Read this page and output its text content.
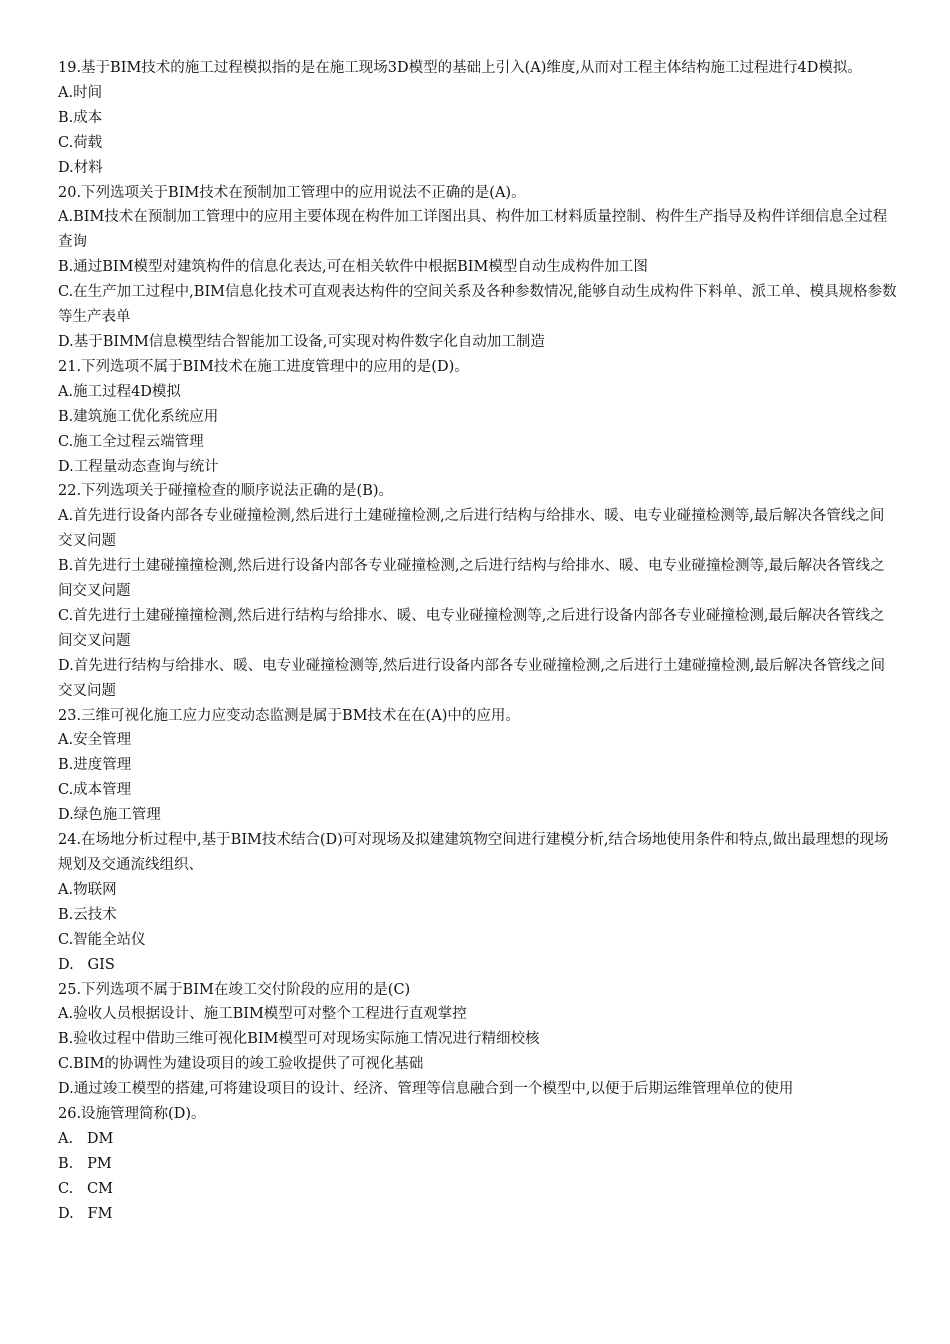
19.基于BIM技术的施工过程模拟指的是在施工现场3D模型的基础上引入(A)维度,从而对工程主体结构施工过程进行4D模拟。

A.时间

B.成本

C.荷载

D.材料

20.下列选项关于BIM技术在预制加工管理中的应用说法不正确的是(A)。

A.BIM技术在预制加工管理中的应用主要体现在构件加工详图出具、构件加工材料质量控制、构件生产指导及构件详细信息全过程查询

B.通过BIM模型对建筑构件的信息化表达,可在相关软件中根据BIM模型自动生成构件加工图

C.在生产加工过程中,BIM信息化技术可直观表达构件的空间关系及各种参数情况,能够自动生成构件下料单、派工单、模具规格参数等生产表单

D.基于BIMM信息模型结合智能加工设备,可实现对构件数字化自动加工制造

21.下列选项不属于BIM技术在施工进度管理中的应用的是(D)。

A.施工过程4D模拟

B.建筑施工优化系统应用

C.施工全过程云端管理

D.工程量动态查询与统计

22.下列选项关于碰撞检查的顺序说法正确的是(B)。

A.首先进行设备内部各专业碰撞检测,然后进行土建碰撞检测,之后进行结构与给排水、暖、电专业碰撞检测等,最后解决各管线之间交叉问题

B.首先进行土建碰撞撞检测,然后进行设备内部各专业碰撞检测,之后进行结构与给排水、暖、电专业碰撞检测等,最后解决各管线之间交叉问题

C.首先进行土建碰撞撞检测,然后进行结构与给排水、暖、电专业碰撞检测等,之后进行设备内部各专业碰撞检测,最后解决各管线之间交叉问题

D.首先进行结构与给排水、暖、电专业碰撞检测等,然后进行设备内部各专业碰撞检测,之后进行土建碰撞检测,最后解决各管线之间交叉问题

23.三维可视化施工应力应变动态监测是属于BM技术在在(A)中的应用。

A.安全管理

B.进度管理

C.成本管理

D.绿色施工管理

24.在场地分析过程中,基于BIM技术结合(D)可对现场及拟建建筑物空间进行建模分析,结合场地使用条件和特点,做出最理想的现场规划及交通流线组织、

A.物联网

B.云技术

C.智能全站仪

D.   GIS

25.下列选项不属于BIM在竣工交付阶段的应用的是(C)

A.验收人员根据设计、施工BIM模型可对整个工程进行直观掌控

B.验收过程中借助三维可视化BIM模型可对现场实际施工情况进行精细校核

C.BIM的协调性为建设项目的竣工验收提供了可视化基础

D.通过竣工模型的搭建,可将建设项目的设计、经济、管理等信息融合到一个模型中,以便于后期运维管理单位的使用

26.设施管理简称(D)。

A.   DM

B.   PM

C.   CM

D.   FM
